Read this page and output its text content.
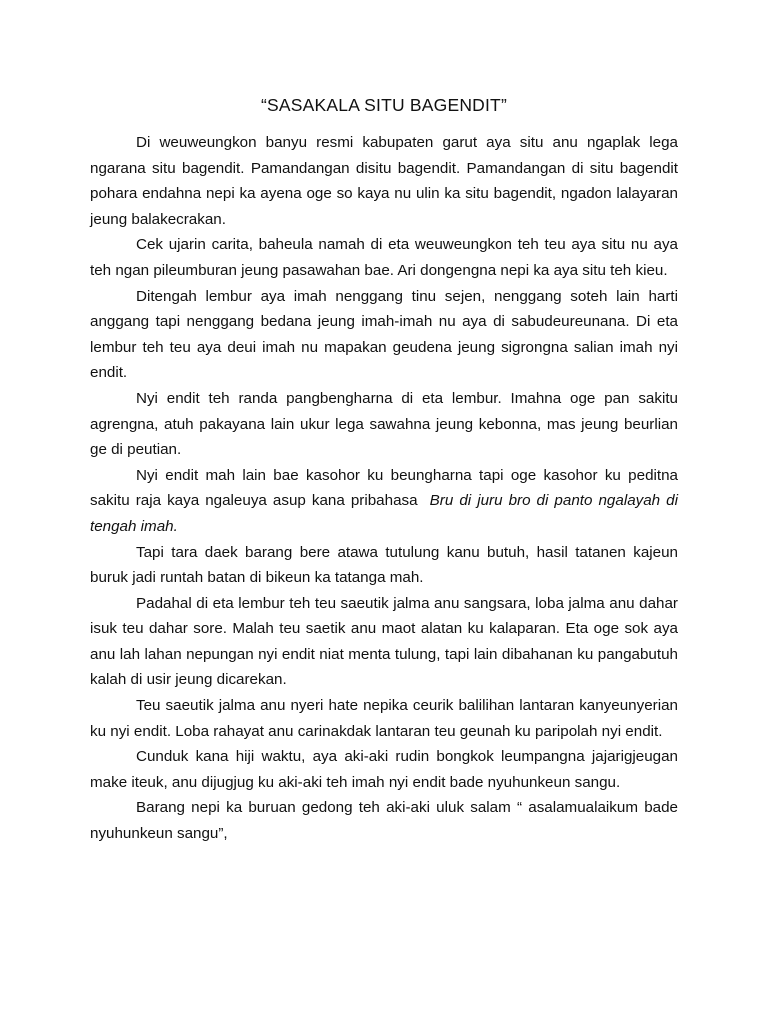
“SASAKALA SITU BAGENDIT”

Di weuweungkon banyu resmi kabupaten garut aya situ anu ngaplak lega ngarana situ bagendit. Pamandangan disitu bagendit. Pamandangan di situ bagendit pohara endahna nepi ka ayena oge so kaya nu ulin ka situ bagendit, ngadon lalayaran jeung balakecrakan.

Cek ujarin carita, baheula namah di eta weuweungkon teh teu aya situ nu aya teh ngan pileumburan jeung pasawahan bae. Ari dongengna nepi ka aya situ teh kieu.

Ditengah lembur aya imah nenggang tinu sejen, nenggang soteh lain harti anggang tapi nenggang bedana jeung imah-imah nu aya di sabudeureunana. Di eta lembur teh teu aya deui imah nu mapakan geudena jeung sigrongna salian imah nyi endit.

Nyi endit teh randa pangbengharna di eta lembur. Imahna oge pan sakitu agrengna, atuh pakayana lain ukur lega sawahna jeung kebonna, mas jeung beurlian ge di peutian.

Nyi endit mah lain bae kasohor ku beungharna tapi oge kasohor ku peditna sakitu raja kaya ngaleuya asup kana pribahasa Bru di juru bro di panto ngalayah di tengah imah.

Tapi tara daek barang bere atawa tutulung kanu butuh, hasil tatanen kajeun buruk jadi runtah batan di bikeun ka tatanga mah.

Padahal di eta lembur teh teu saeutik jalma anu sangsara, loba jalma anu dahar isuk teu dahar sore. Malah teu saetik anu maot alatan ku kalaparan. Eta oge sok aya anu lah lahan nepungan nyi endit niat menta tulung, tapi lain dibahanan ku pangabutuh kalah di usir jeung dicarekan.

Teu saeutik jalma anu nyeri hate nepika ceurik balilihan lantaran kanyeunyerian ku nyi endit. Loba rahayat anu carinakdak lantaran teu geunah ku paripolah nyi endit.

Cunduk kana hiji waktu, aya aki-aki rudin bongkok leumpangna jajarigjeugan make iteuk, anu dijugjug ku aki-aki teh imah nyi endit bade nyuhunkeun sangu.

Barang nepi ka buruan gedong teh aki-aki uluk salam “ asalamualaikum bade nyuhunkeun sangu”,
